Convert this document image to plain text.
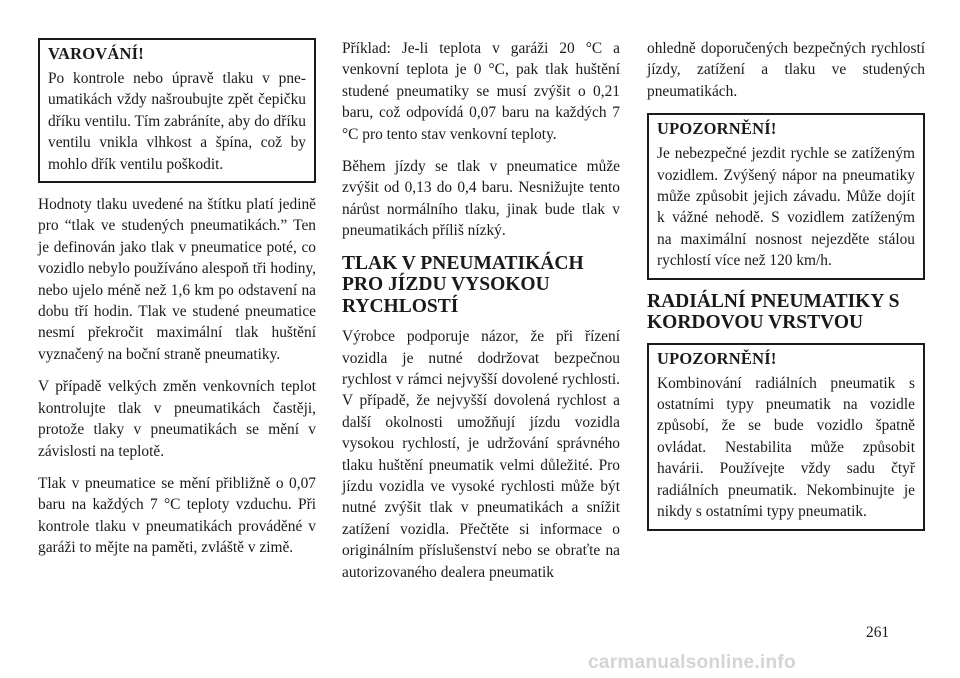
VAROVÁNÍ!

Po kontrole nebo úpravě tlaku v pneumatikách vždy našroubujte zpět čepičku dříku ventilu. Tím zabráníte, aby do dříku ventilu vnikla vlhkost a špína, což by mohlo dřík ventilu poškodit.

Hodnoty tlaku uvedené na štítku platí jedině pro “tlak ve studených pneumatikách.” Ten je definován jako tlak v pneumatice poté, co vozidlo nebylo používáno alespoň tři hodiny, nebo ujelo méně než 1,6 km po odstavení na dobu tří hodin. Tlak ve studené pneumatice nesmí překročit maximální tlak huštění vyznačený na boční straně pneumatiky.

V případě velkých změn venkovních teplot kontrolujte tlak v pneumatikách častěji, protože tlaky v pneumatikách se mění v závislosti na teplotě.

Tlak v pneumatice se mění přibližně o 0,07 baru na každých 7 °C teploty vzduchu. Při kontrole tlaku v pneumatikách prováděné v garáži to mějte na paměti, zvláště v zimě.

Příklad: Je-li teplota v garáži 20 °C a venkovní teplota je 0 °C, pak tlak huštění studené pneumatiky se musí zvýšit o 0,21 baru, což odpovídá 0,07 baru na každých 7 °C pro tento stav venkovní teploty.

Během jízdy se tlak v pneumatice může zvýšit od 0,13 do 0,4 baru. Nesnižujte tento nárůst normálního tlaku, jinak bude tlak v pneumatikách příliš nízký.

TLAK V PNEUMATIKÁCH PRO JÍZDU VYSOKOU RYCHLOSTÍ

Výrobce podporuje názor, že při řízení vozidla je nutné dodržovat bezpečnou rychlost v rámci nejvyšší dovolené rychlosti. V případě, že nejvyšší dovolená rychlost a další okolnosti umožňují jízdu vozidla vysokou rychlostí, je udržování správného tlaku huštění pneumatik velmi důležité. Pro jízdu vozidla ve vysoké rychlosti může být nutné zvýšit tlak v pneumatikách a snížit zatížení vozidla. Přečtěte si informace o originálním příslušenství nebo se obraťte na autorizovaného dealera pneumatik

ohledně doporučených bezpečných rychlostí jízdy, zatížení a tlaku ve studených pneumatikách.

UPOZORNĚNÍ!

Je nebezpečné jezdit rychle se zatíženým vozidlem. Zvýšený nápor na pneumatiky může způsobit jejich závadu. Může dojít k vážné nehodě. S vozidlem zatíženým na maximální nosnost nejezděte stálou rychlostí více než 120 km/h.

RADIÁLNÍ PNEUMATIKY S KORDOVOU VRSTVOU
UPOZORNĚNÍ!

Kombinování radiálních pneumatik s ostatními typy pneumatik na vozidle způsobí, že se bude vozidlo špatně ovládat. Nestabilita může způsobit havárii. Používejte vždy sadu čtyř radiálních pneumatik. Nekombinujte je nikdy s ostatními typy pneumatik.

261
carmanualsonline.info
